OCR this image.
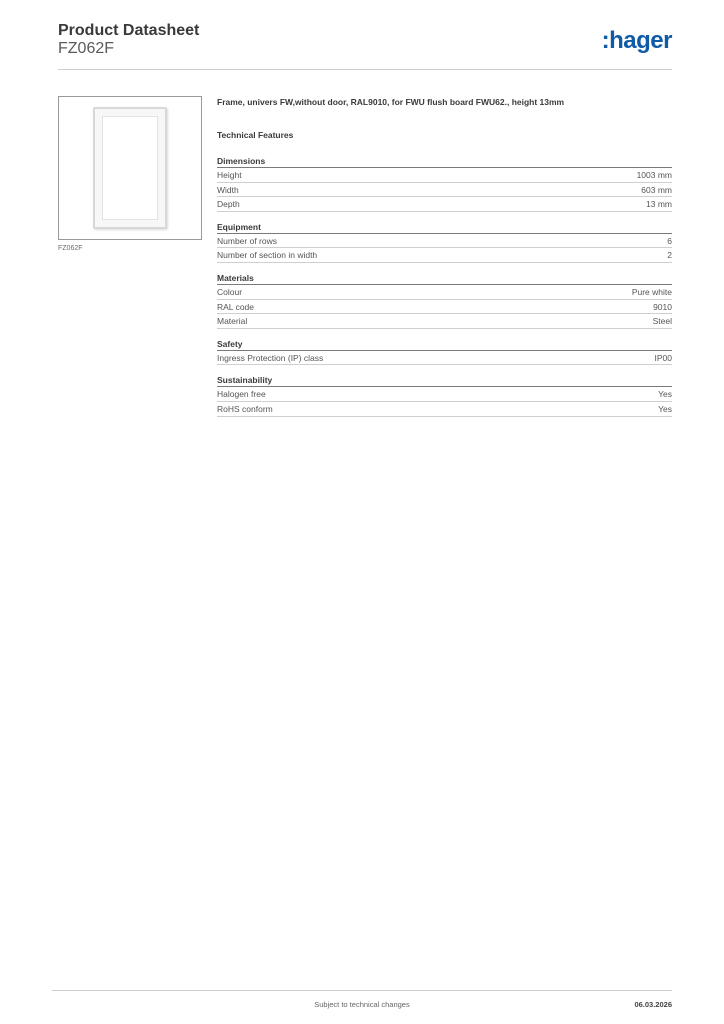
Product Datasheet
FZ062F	:hager
FZ062F
Frame, univers FW,without door, RAL9010, for FWU flush board FWU62., height 13mm
Technical Features
Dimensions
Height	1003 mm
Width	603 mm
Depth	13 mm
Equipment
Number of rows	6
Number of section in width	2
Materials
Colour	Pure white
RAL code	9010
Material	Steel
Safety
Ingress Protection (IP) class	IP00
Sustainability
Halogen free	Yes
RoHS conform	Yes
Subject to technical changes	06.03.2026
